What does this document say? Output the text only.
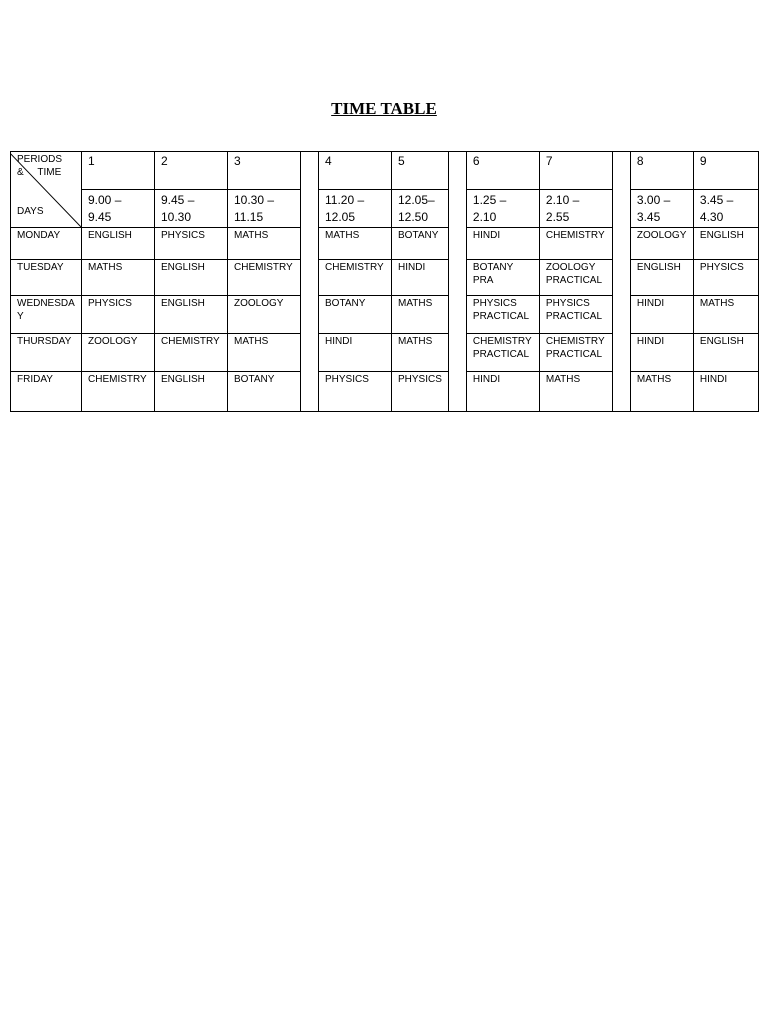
TIME TABLE
PERIODS
&     TIME
DAYS	1	2	3		4	5		6	7		8	9
	9.00 – 9.45	9.45 – 10.30	10.30 – 11.15		11.20 – 12.05	12.05– 12.50		1.25 – 2.10	2.10 – 2.55		3.00 – 3.45	3.45 – 4.30
MONDAY	ENGLISH	PHYSICS	MATHS		MATHS	BOTANY		HINDI	CHEMISTRY		ZOOLOGY	ENGLISH
TUESDAY	MATHS	ENGLISH	CHEMISTRY		CHEMISTRY	HINDI		BOTANY PRA	ZOOLOGY PRACTICAL		ENGLISH	PHYSICS
WEDNESDAY	PHYSICS	ENGLISH	ZOOLOGY		BOTANY	MATHS		PHYSICS PRACTICAL	PHYSICS PRACTICAL		HINDI	MATHS
THURSDAY	ZOOLOGY	CHEMISTRY	MATHS		HINDI	MATHS		CHEMISTRY PRACTICAL	CHEMISTRY PRACTICAL		HINDI	ENGLISH
FRIDAY	CHEMISTRY	ENGLISH	BOTANY		PHYSICS	PHYSICS		HINDI	MATHS		MATHS	HINDI
